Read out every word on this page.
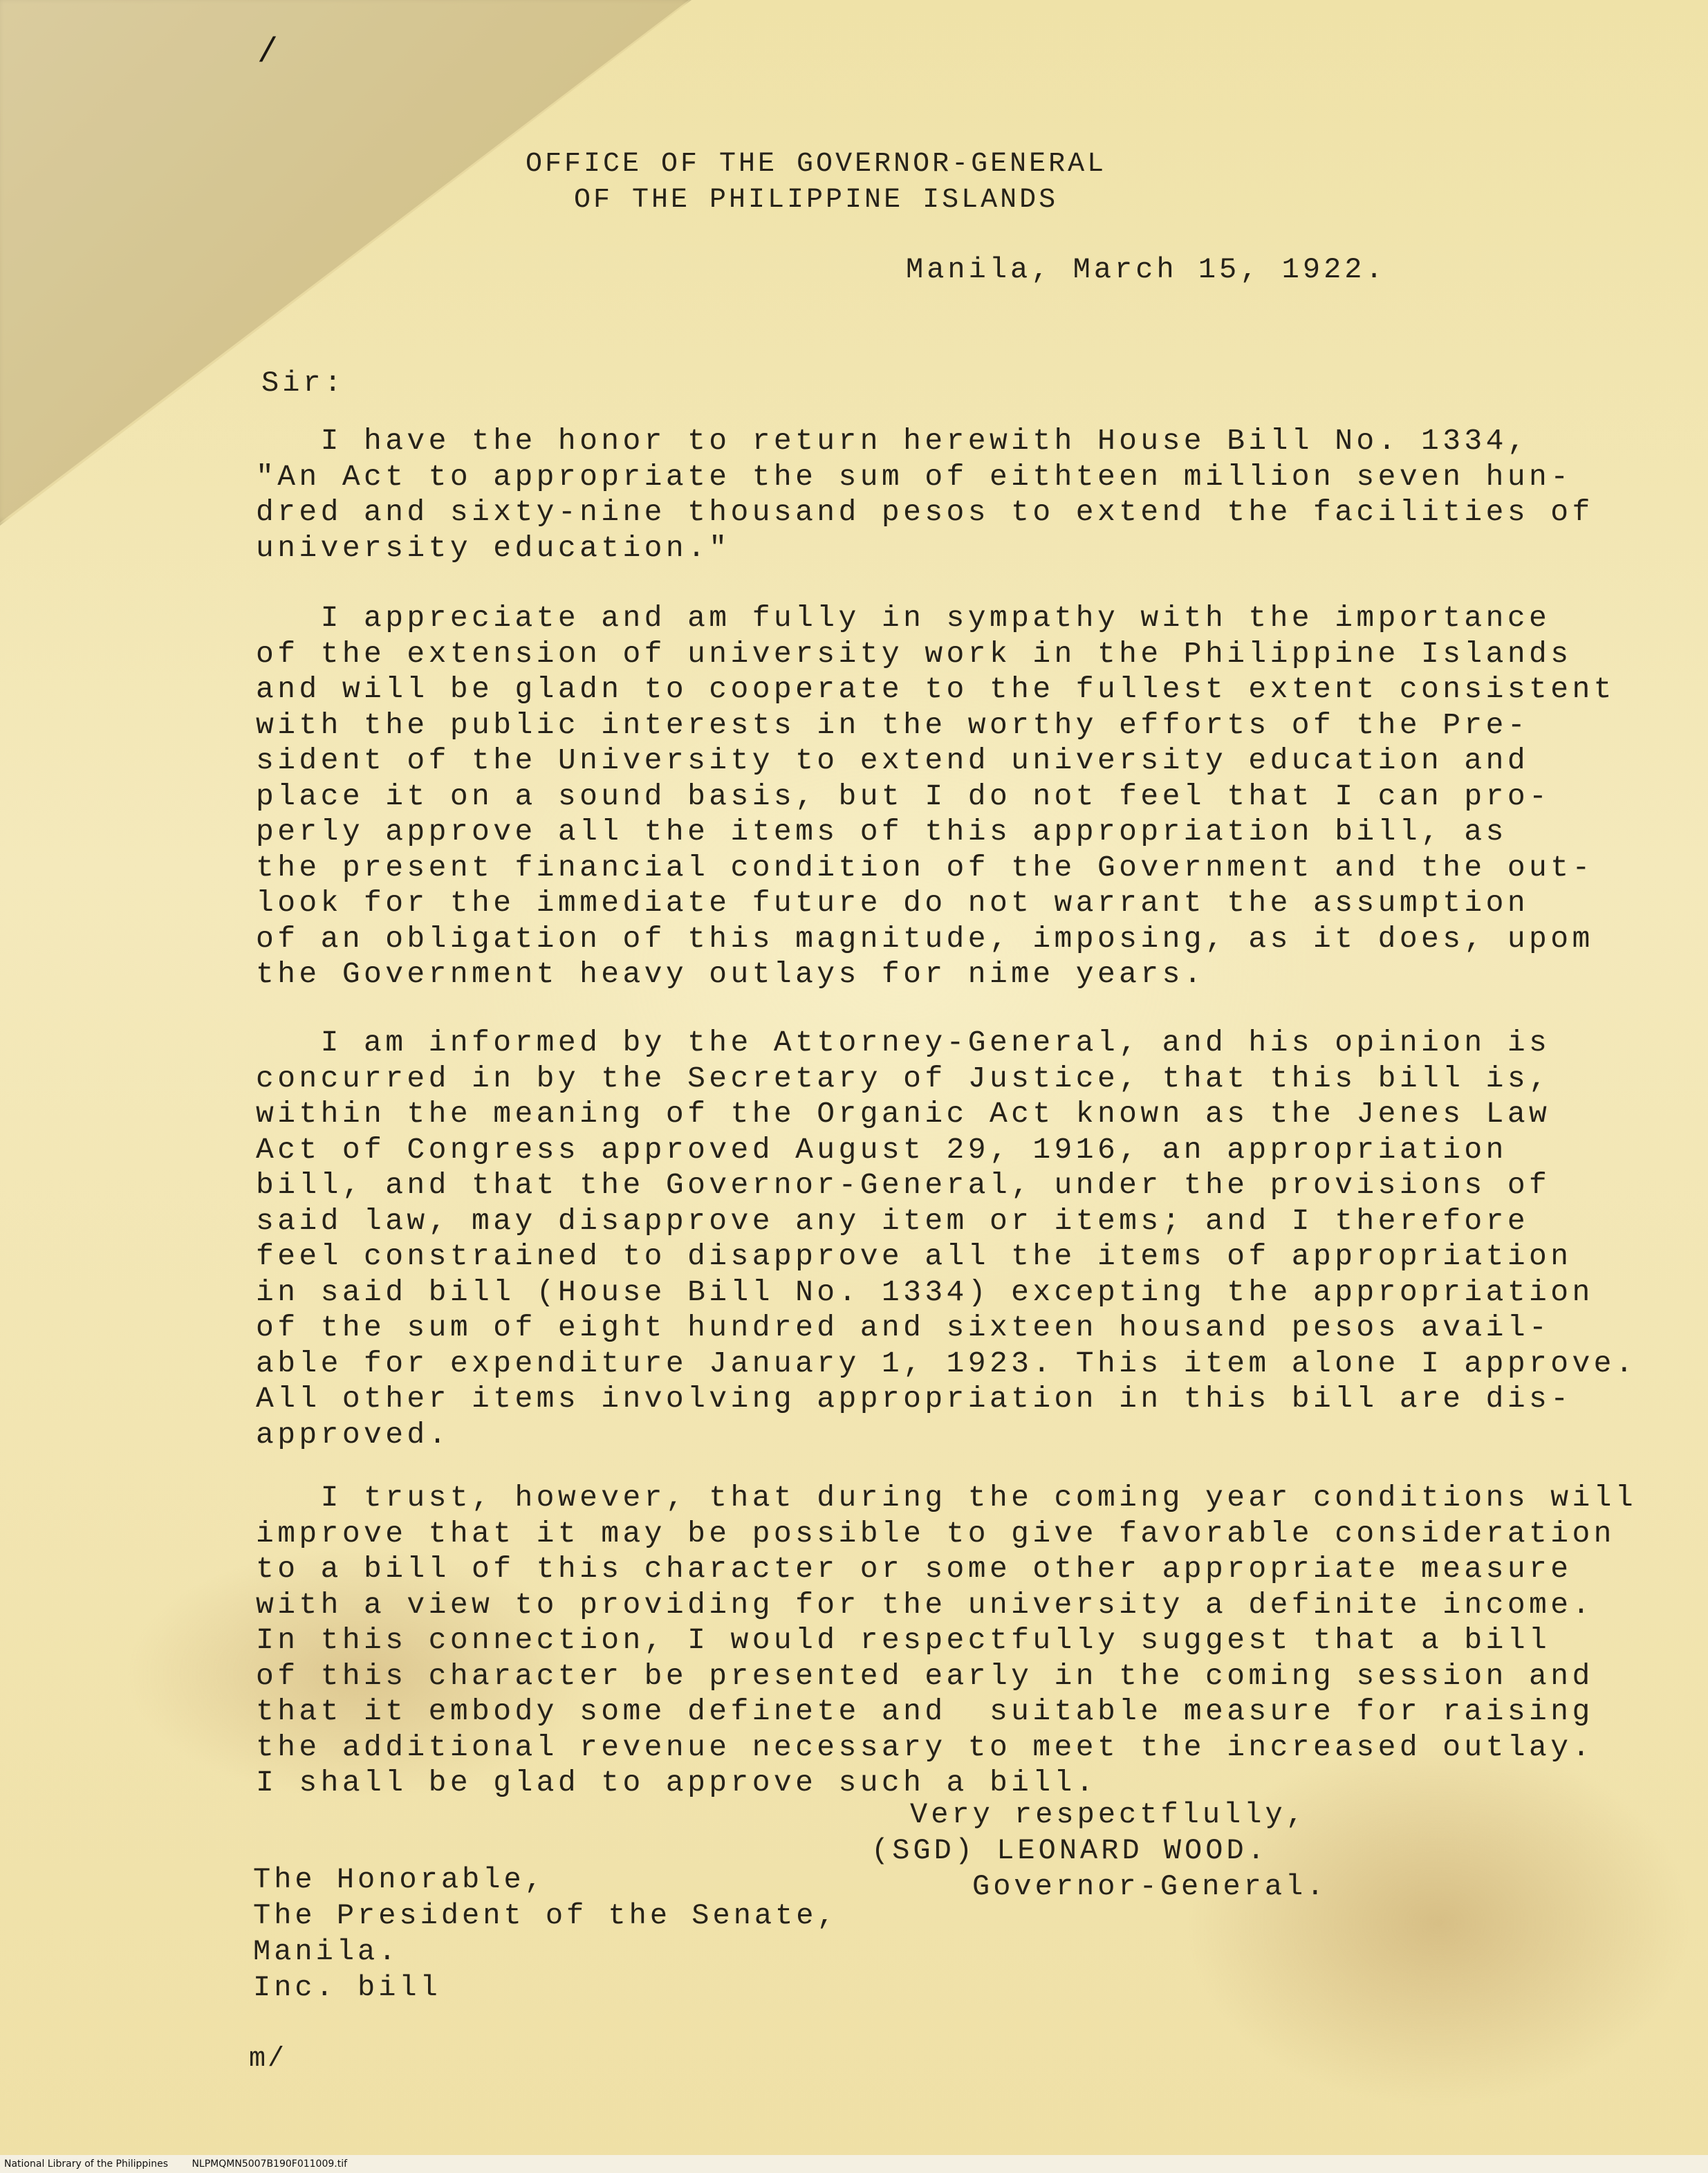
/
OFFICE OF THE GOVERNOR-GENERAL
OF THE PHILIPPINE ISLANDS
Manila, March 15, 1922.
Sir:
I have the honor to return herewith House Bill No. 1334,
"An Act to appropriate the sum of eithteen million seven hun-
dred and sixty-nine thousand pesos to extend the facilities of
university education."
I appreciate and am fully in sympathy with the importance
of the extension of university work in the Philippine Islands
and will be gladn to cooperate to the fullest extent consistent
with the public interests in the worthy efforts of the Pre-
sident of the University to extend university education and
place it on a sound basis, but I do not feel that I can pro-
perly approve all the items of this appropriation bill, as
the present financial condition of the Government and the out-
look for the immediate future do not warrant the assumption
of an obligation of this magnitude, imposing, as it does, upom
the Government heavy outlays for nime years.
I am informed by the Attorney-General, and his opinion is
concurred in by the Secretary of Justice, that this bill is,
within the meaning of the Organic Act known as the Jenes Law
Act of Congress approved August 29, 1916, an appropriation
bill, and that the Governor-General, under the provisions of
said law, may disapprove any item or items; and I therefore
feel constrained to disapprove all the items of appropriation
in said bill (House Bill No. 1334) excepting the appropriation
of the sum of eight hundred and sixteen housand pesos avail-
able for expenditure January 1, 1923. This item alone I approve.
All other items involving appropriation in this bill are dis-
approved.
I trust, however, that during the coming year conditions will
improve that it may be possible to give favorable consideration
to a bill of this character or some other appropriate measure
with a view to providing for the university a definite income.
In this connection, I would respectfully suggest that a bill
of this character be presented early in the coming session and
that it embody some definete and  suitable measure for raising
the additional revenue necessary to meet the increased outlay.
I shall be glad to approve such a bill.
Very respectflully,
(SGD) LEONARD WOOD.
Governor-General.
The Honorable,
The President of the Senate,
Manila.
Inc. bill
m/
National Library of the Philippines NLPMQMN5007B190F011009.tif
